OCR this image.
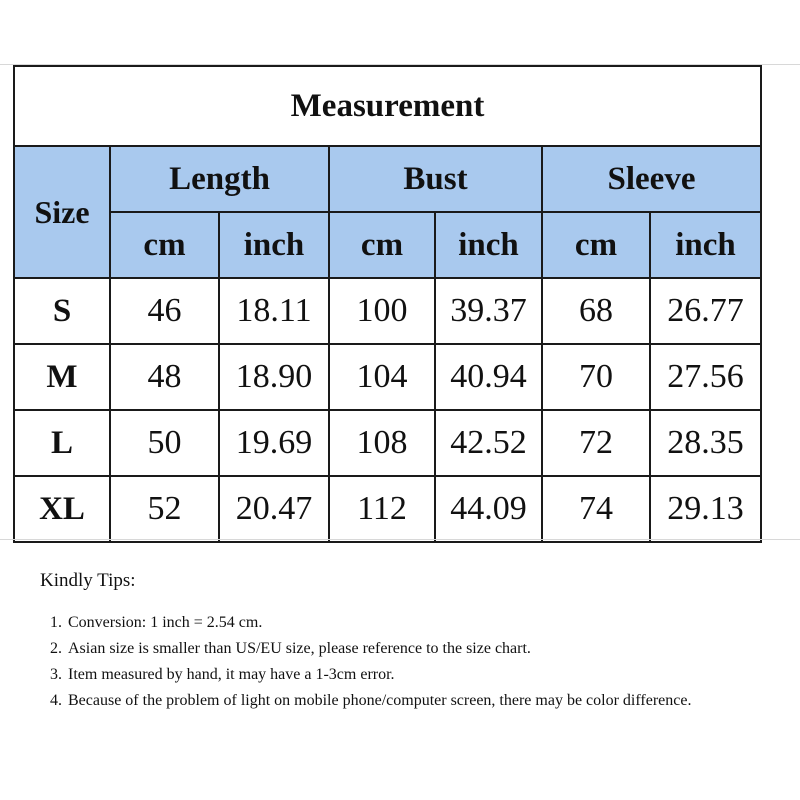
Measurement						
Size	Length		Bust		Sleeve	
	cm	inch	cm	inch	cm	inch
S	46	18.11	100	39.37	68	26.77
M	48	18.90	104	40.94	70	27.56
L	50	19.69	108	42.52	72	28.35
XL	52	20.47	112	44.09	74	29.13
Kindly Tips:
1. Conversion: 1 inch = 2.54 cm.
2. Asian size is smaller than US/EU size, please reference to the size chart.
3. Item measured by hand, it may have a 1-3cm error.
4. Because of the problem of light on mobile phone/computer screen, there may be color difference.
